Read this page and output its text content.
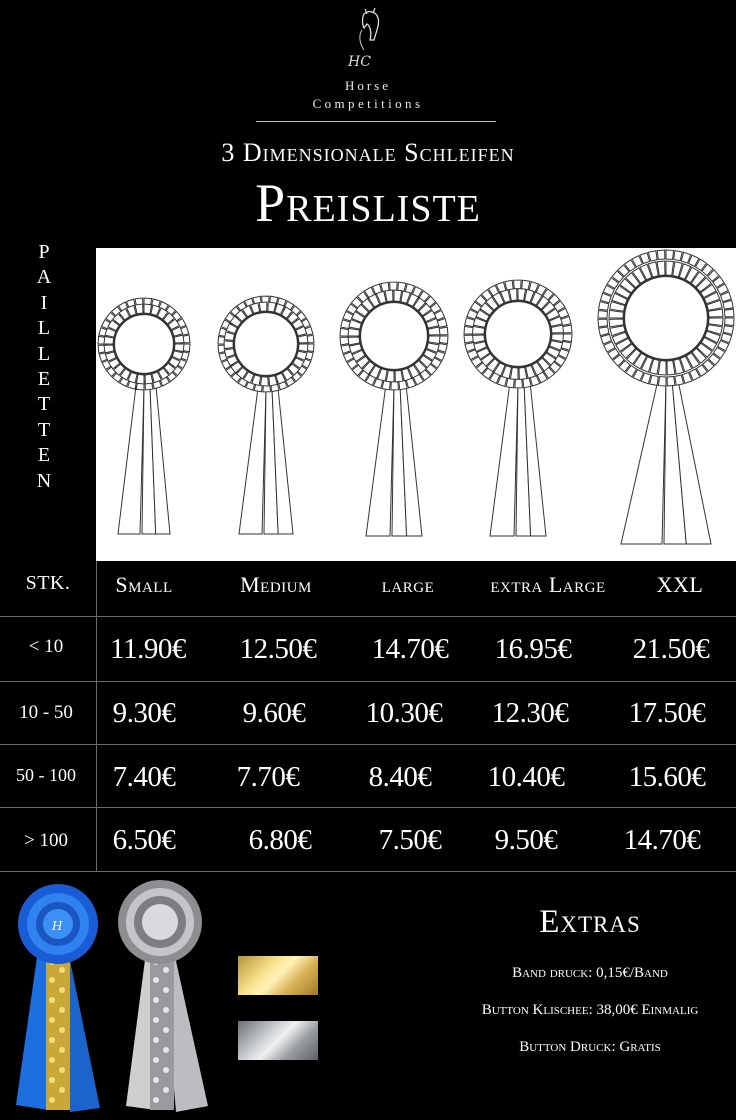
HC
Horse
Competitions
3 Dimensionale Schleifen
Preisliste
P
A
I
L
L
E
T
T
E
N
STK.	Small	Medium	large	extra Large	XXL
< 10	11.90€	12.50€	14.70€	16.95€	21.50€
10 - 50	9.30€	9.60€	10.30€	12.30€	17.50€
50 - 100	7.40€	7.70€	8.40€	10.40€	15.60€
> 100	6.50€	6.80€	7.50€	9.50€	14.70€
H	Extras
Band druck: 0,15€/Band
Button Klischee: 38,00€ Einmalig
Button Druck: Gratis
